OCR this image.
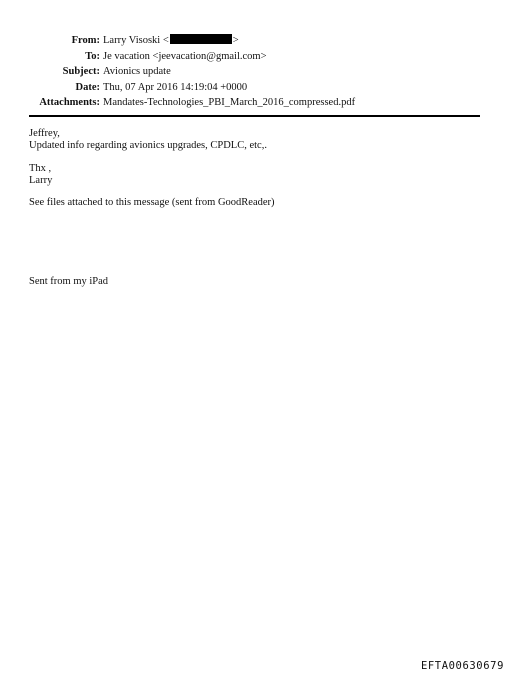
From: Larry Visoski <	>
To: Je vacation <jeevacation@gmail.com>
Subject: Avionics update
Date: Thu, 07 Apr 2016 14:19:04 +0000
Attachments: Mandates-Technologies_PBI_March_2016_compressed.pdf
Jeffrey,
Updated info regarding avionics upgrades, CPDLC, etc,.
Thx ,
Larry
See files attached to this message (sent from GoodReader)
Sent from my iPad
EFTA00630679
